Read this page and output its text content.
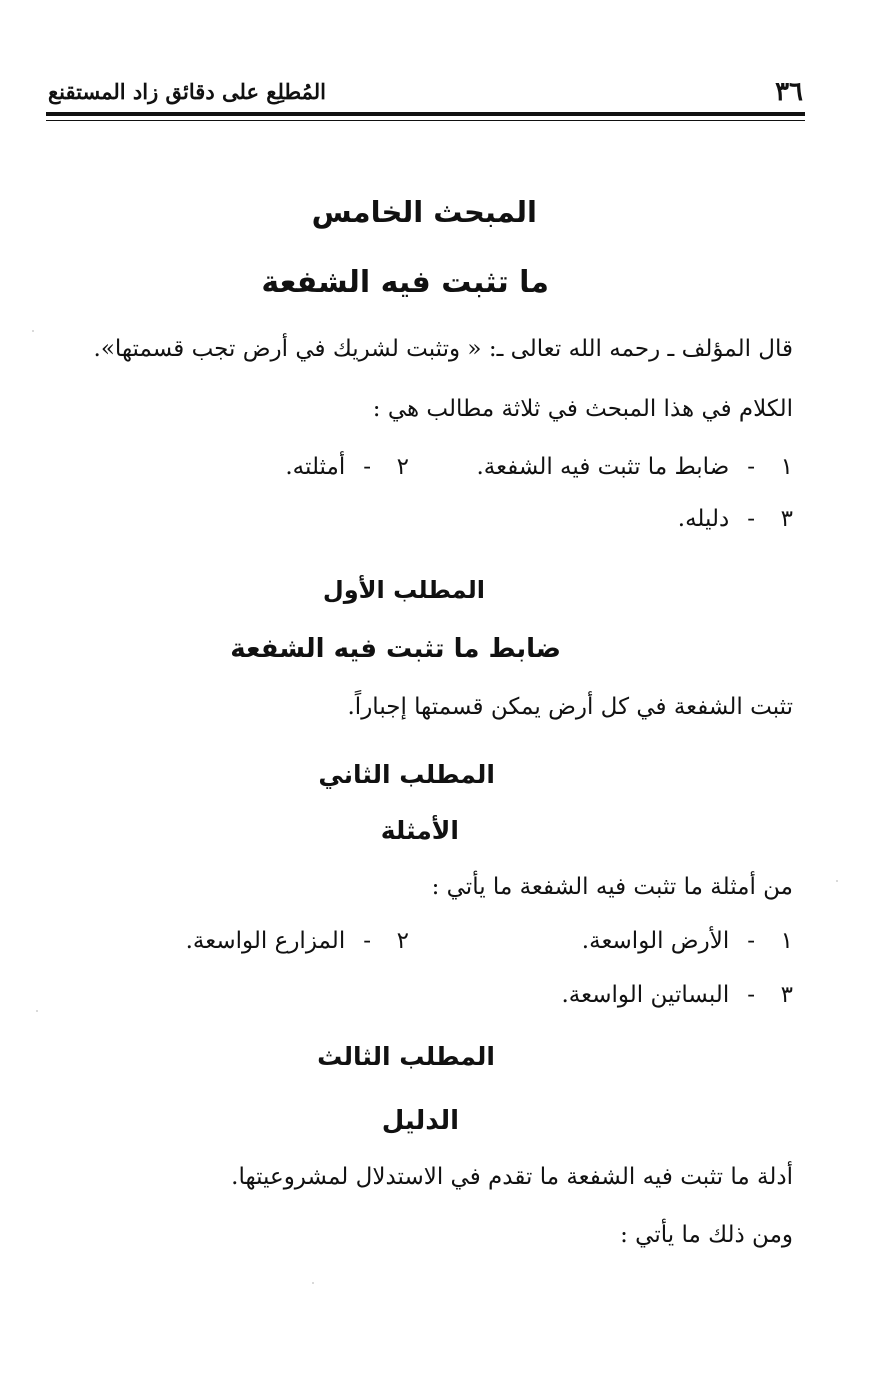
٣٦
المُطلِع على دقائق زاد المستقنع
المبحث الخامس
ما تثبت فيه الشفعة
قال المؤلف ـ رحمه الله تعالى ـ: « وتثبت لشريك في أرض تجب قسمتها».
الكلام في هذا المبحث في ثلاثة مطالب هي :
١-ضابط ما تثبت فيه الشفعة.
٢-أمثلته.
٣-دليله.
المطلب الأول
ضابط ما تثبت فيه الشفعة
تثبت الشفعة في كل أرض يمكن قسمتها إجباراً.
المطلب الثاني
الأمثلة
من أمثلة ما تثبت فيه الشفعة ما يأتي :
١-الأرض الواسعة.
٢-المزارع الواسعة.
٣-البساتين الواسعة.
المطلب الثالث
الدليل
أدلة ما تثبت فيه الشفعة ما تقدم في الاستدلال لمشروعيتها.
ومن ذلك ما يأتي :
